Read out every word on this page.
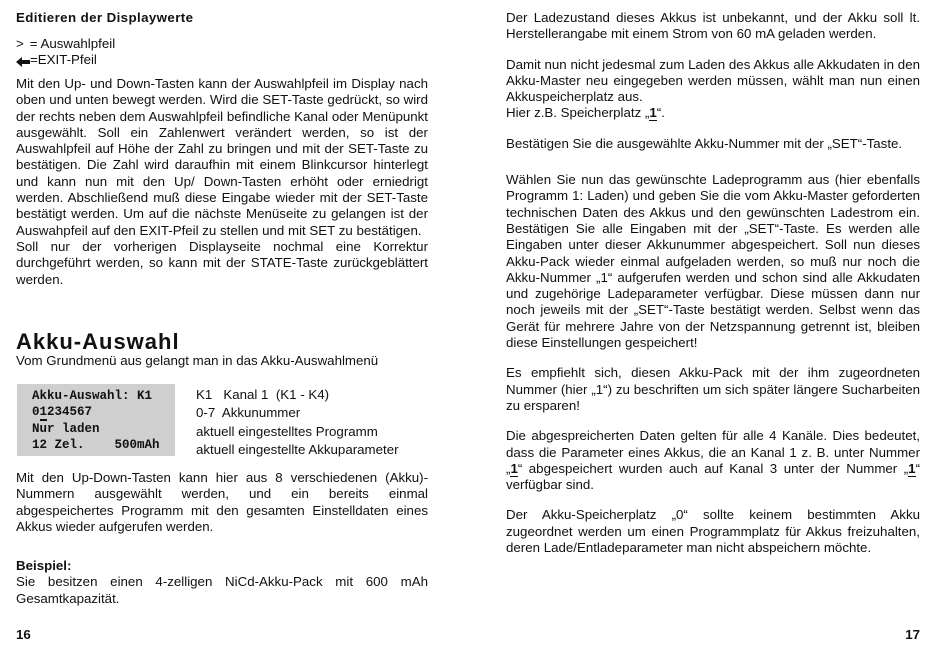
Editieren der Displaywerte
> = Auswahlpfeil
=EXIT-Pfeil

Mit den Up- und Down-Tasten kann der Auswahlpfeil im Display nach oben und unten bewegt werden. Wird die SET-Taste gedrückt, so wird der rechts neben dem Auswahlpfeil befindliche Kanal oder Menüpunkt ausgewählt. Soll ein Zahlenwert verändert werden, so ist der Auswahlpfeil auf Höhe der Zahl zu bringen und mit der SET-Taste zu bestätigen. Die Zahl wird daraufhin mit einem Blinkcursor hinterlegt und kann nun mit den Up/ Down-Tasten erhöht oder erniedrigt werden. Abschließend muß diese Eingabe wieder mit der SET-Taste bestätigt werden. Um auf die nächste Menüseite zu gelangen ist der Auswahpfeil auf den EXIT-Pfeil zu stellen und mit SET zu bestätigen.

Soll nur der vorherigen Displayseite nochmal eine Korrektur durchgeführt werden, so kann mit der STATE-Taste zurückgeblättert werden.

Akku-Auswahl

Vom Grundmenü aus gelangt man in das Akku-Auswahlmenü

Akku-Auswahl: K1
01234567
Nur laden
12 Zel.    500mAh
K1   Kanal 1  (K1 - K4)
0-7  Akkunummer
aktuell eingestelltes Programm
aktuell eingestellte Akkuparameter

Mit den Up-Down-Tasten kann hier aus 8 verschiedenen (Akku)-Nummern ausgewählt werden, und ein bereits einmal abgespeichertes Programm mit den gesamten Einstelldaten eines Akkus wieder aufgerufen werden.

Beispiel:

Sie besitzen einen 4-zelligen NiCd-Akku-Pack mit 600 mAh Gesamtkapazität.

16

Der Ladezustand dieses Akkus ist unbekannt, und der Akku soll lt. Herstellerangabe mit einem Strom von 60 mA geladen werden.

Damit nun nicht jedesmal zum Laden des Akkus alle Akkudaten in den Akku-Master neu eingegeben werden müssen, wählt man nun einen Akkuspeicherplatz aus.

Hier z.B. Speicherplatz „1“.

Bestätigen Sie die ausgewählte Akku-Nummer mit der „SET“-Taste.

Wählen Sie nun das gewünschte Ladeprogramm aus (hier ebenfalls Programm 1: Laden) und geben Sie die vom Akku-Master geforderten technischen Daten des Akkus und den gewünschten Ladestrom ein. Bestätigen Sie alle Eingaben mit der „SET“-Taste. Es werden alle Eingaben unter dieser Akkunummer abgespeichert. Soll nun dieses Akku-Pack wieder einmal aufgeladen werden, so muß nur noch die Akku-Nummer „1“ aufgerufen werden und schon sind alle Akkudaten und zugehörige Ladeparameter verfügbar. Diese müssen dann nur noch jeweils mit der „SET“-Taste bestätigt werden. Selbst wenn das Gerät für mehrere Jahre von der Netzspannung getrennt ist, bleiben diese Einstellungen gespeichert!

Es empfiehlt sich, diesen Akku-Pack mit der ihm zugeordneten Nummer (hier „1“) zu beschriften um sich später längere Sucharbeiten zu ersparen!

Die abgespreicherten Daten gelten für alle 4 Kanäle. Dies bedeutet, dass die Parameter eines Akkus, die an Kanal 1 z. B. unter Nummer „1“ abgespeichert wurden auch auf Kanal 3 unter der Nummer „1“ verfügbar sind.

Der Akku-Speicherplatz „0“ sollte keinem bestimmten Akku zugeordnet werden um einen Programmplatz für Akkus freizuhalten, deren Lade/Entladeparameter man nicht abspeichern möchte.

17
